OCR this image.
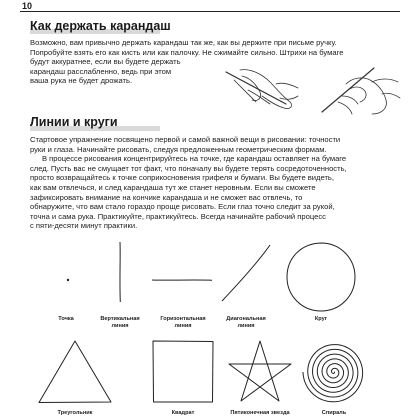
10
Как держать карандаш

Возможно, вам привычно держать карандаш так же, как вы держите при письме ручку.
Попробуйте взять его как кисть или как палочку. Не сжимайте сильно. Штрихи на бумаге
будут аккуратнее, если вы будете держать
карандаш расслабленно, ведь при этом
ваша рука не будет дрожать.

Линии и круги

Стартовое упражнение посвящено первой и самой важной вещи в рисовании: точности
руки и глаза. Начинайте рисовать, следуя предложенным геометрическим формам.
В процессе рисования концентрируйтесь на точке, где карандаш оставляет на бумаге
след. Пусть вас не смущает тот факт, что поначалу вы будете терять сосредоточенность,
просто возвращайтесь к точке соприкосновения грифеля и бумаги. Вы будете видеть,
как вам отвлечься, и след карандаша тут же станет неровным. Если вы сможете
зафиксировать внимание на кончике карандаша и не сможет вас отвлечь, то
обнаружите, что вам стало гораздо проще рисовать. Если глаз точно следит за рукой,
точна и сама рука. Практикуйте, практикуйтесь. Всегда начинайте рабочий процесс
с пяти-десяти минут практики.

Точка	Вертикальная
линия
Горизонтальная
линия
Диагональная
линия
Круг
Треугольник	Квадрат	Пятиконечная звезда	Спираль
